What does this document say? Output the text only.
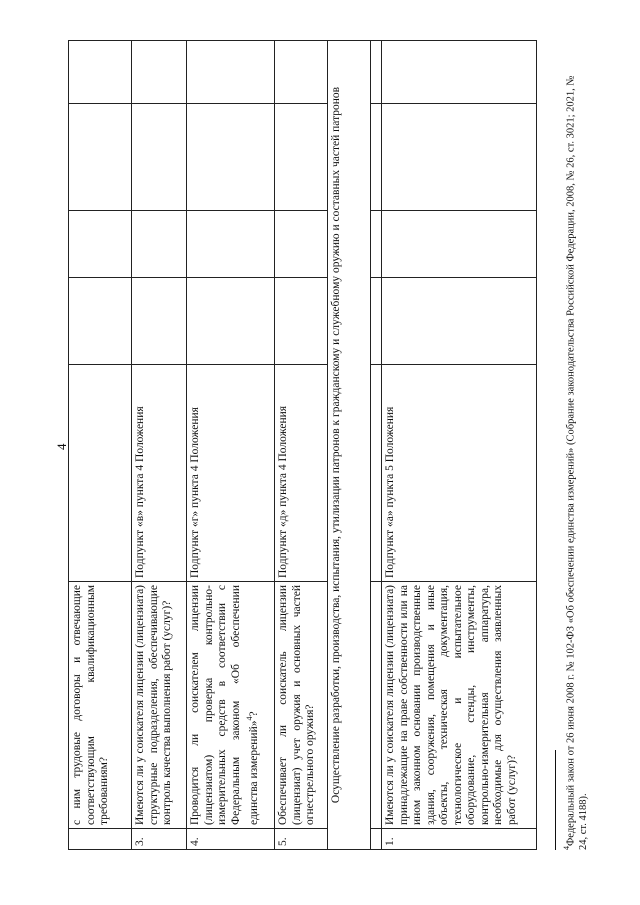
4
	с ним трудовые договоры и отвечающие соответствующим квалификационным требованиям?					
3.	Имеются ли у соискателя лицензии (лицензиата) структурные подразделения, обеспечивающие контроль качества выполнения работ (услуг)?	Подпункт «в» пункта 4 Положения				
4.	Проводится ли соискателем лицензии (лицензиатом) проверка контрольно-измерительных средств в соответствии с Федеральным законом «Об обеспечении единства измерений»$^4$?	Подпункт «г» пункта 4 Положения				
5.	Обеспечивает ли соискатель лицензии (лицензиат) учет оружия и основных частей огнестрельного оружия?	Подпункт «д» пункта 4 Положения				
Осуществление разработки, производства, испытания, утилизации патронов к гражданскому и служебному оружию и составных частей патронов						

1.	Имеются ли у соискателя лицензии (лицензиата) принадлежащие на праве собственности или на ином законном основании производственные здания, сооружения, помещения и иные объекты, техническая документация, технологическое и испытательное оборудование, стенды, инструменты, контрольно-измерительная аппаратура, необходимые для осуществления заявленных работ (услуг)?	Подпункт «а» пункта 5 Положения				
$^4$Федеральный закон от 26 июня 2008 г. № 102-ФЗ «Об обеспечении единства измерений» (Собрание законодательства Российской Федерации, 2008, № 26, ст. 3021; 2021, № 24, ст. 4188).
